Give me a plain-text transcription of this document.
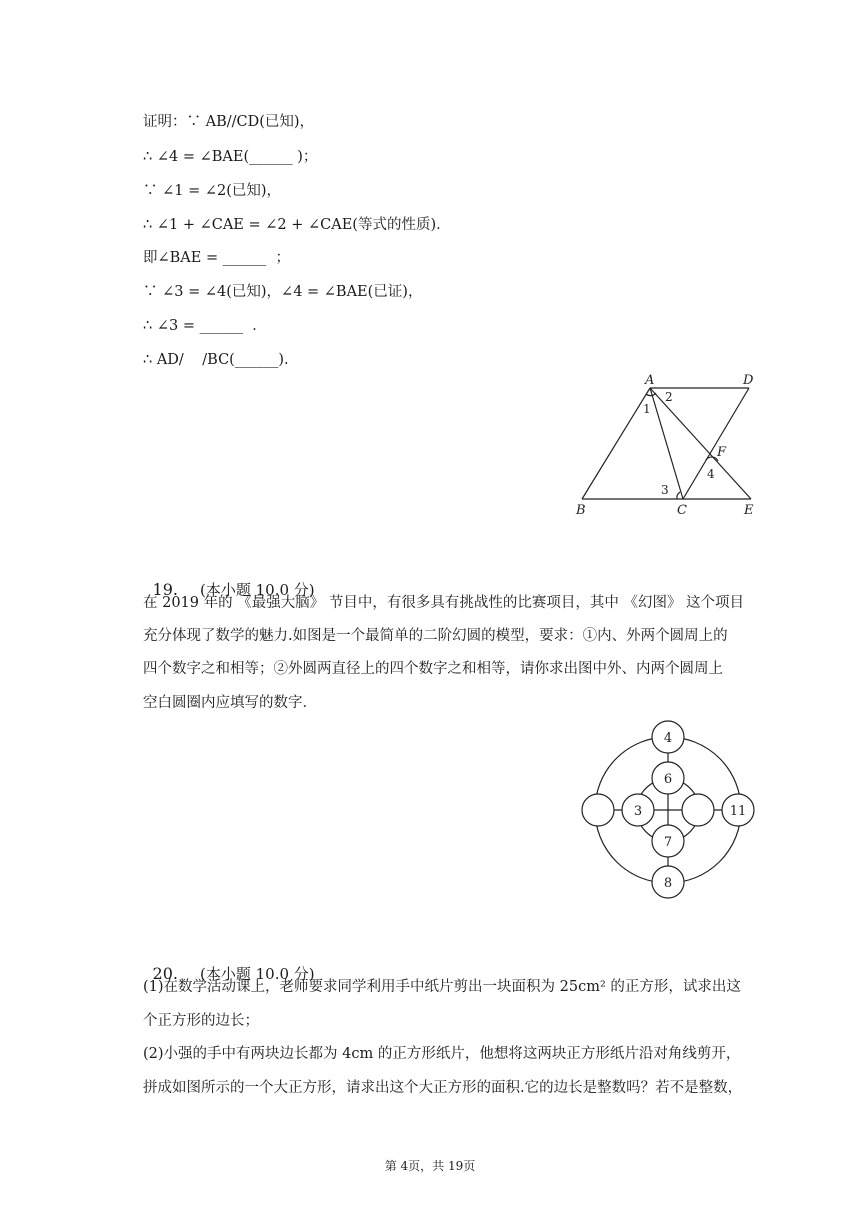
证明：∵ AB//CD(已知)，
∴ ∠4 = ∠BAE(______ )；
∵ ∠1 = ∠2(已知)，
∴ ∠1 + ∠CAE = ∠2 + ∠CAE(等式的性质)．
即∠BAE = ______  ；
∵ ∠3 = ∠4(已知)，∠4 = ∠BAE(已证)，
∴ ∠3 = ______  ．
∴ AD/    /BC(______).
A	D
B	C	E
F
1
2
3
4

19. (本小题 10.0 分)

在 2019 年的 《最强大脑》 节目中，有很多具有挑战性的比赛项目，其中 《幻图》 这个项目
充分体现了数学的魅力.如图是一个最简单的二阶幻圆的模型，要求：①内、外两个圆周上的
四个数字之和相等；②外圆两直径上的四个数字之和相等，请你求出图中外、内两个圆周上
空白圆圈内应填写的数字．
4
6
3
7
11
8

20. (本小题 10.0 分)

(1)在数学活动课上，老师要求同学利用手中纸片剪出一块面积为 25cm² 的正方形，试求出这
个正方形的边长；
(2)小强的手中有两块边长都为 4cm 的正方形纸片，他想将这两块正方形纸片沿对角线剪开，
拼成如图所示的一个大正方形，请求出这个大正方形的面积.它的边长是整数吗？若不是整数，
第 4页，共 19页
